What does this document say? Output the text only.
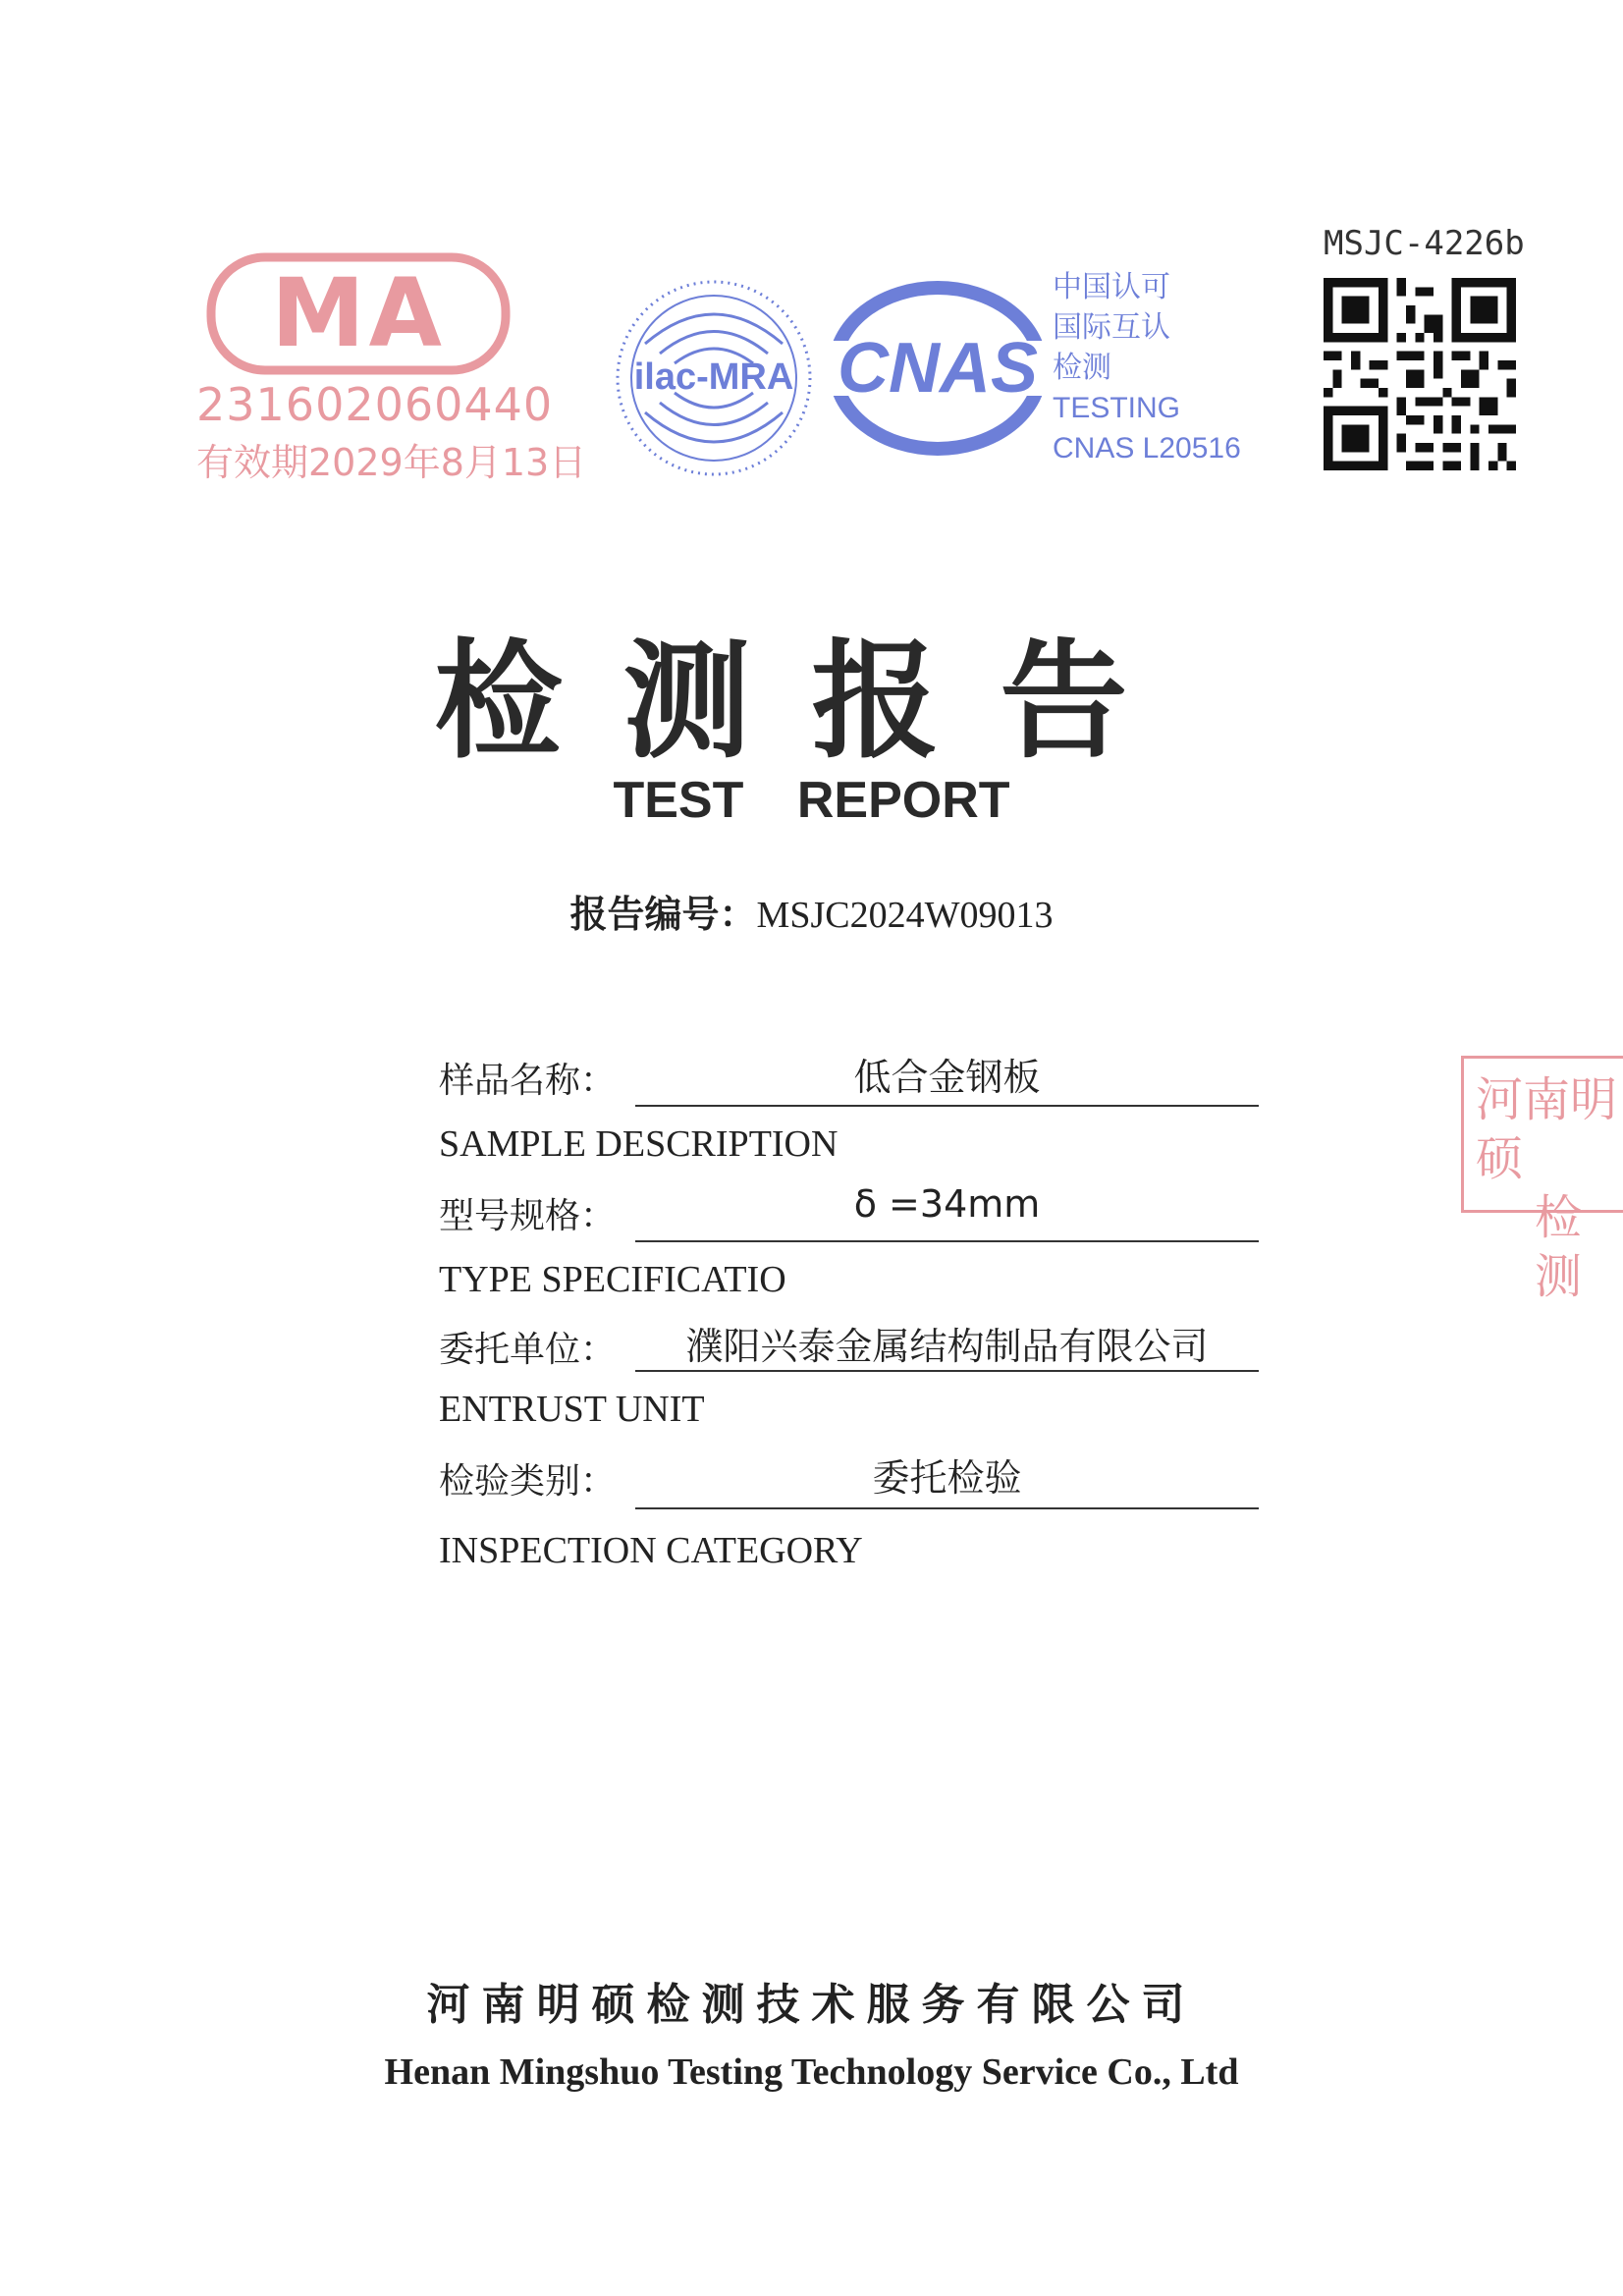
MA
231602060440
有效期2029年8月13日
ilac-MRA CNAS
中国认可
国际互认
检测
TESTING
CNAS L20516
MSJC-4226b
检测报告
TEST REPORT
报告编号：MSJC2024W09013
样品名称：	低合金钢板
SAMPLE DESCRIPTION
型号规格：	δ =34mm
TYPE SPECIFICATIO
委托单位：	濮阳兴泰金属结构制品有限公司
ENTRUST UNIT
检验类别：	委托检验
INSPECTION CATEGORY
河南明硕
检测
河南明硕检测技术服务有限公司
Henan Mingshuo Testing Technology Service Co., Ltd
